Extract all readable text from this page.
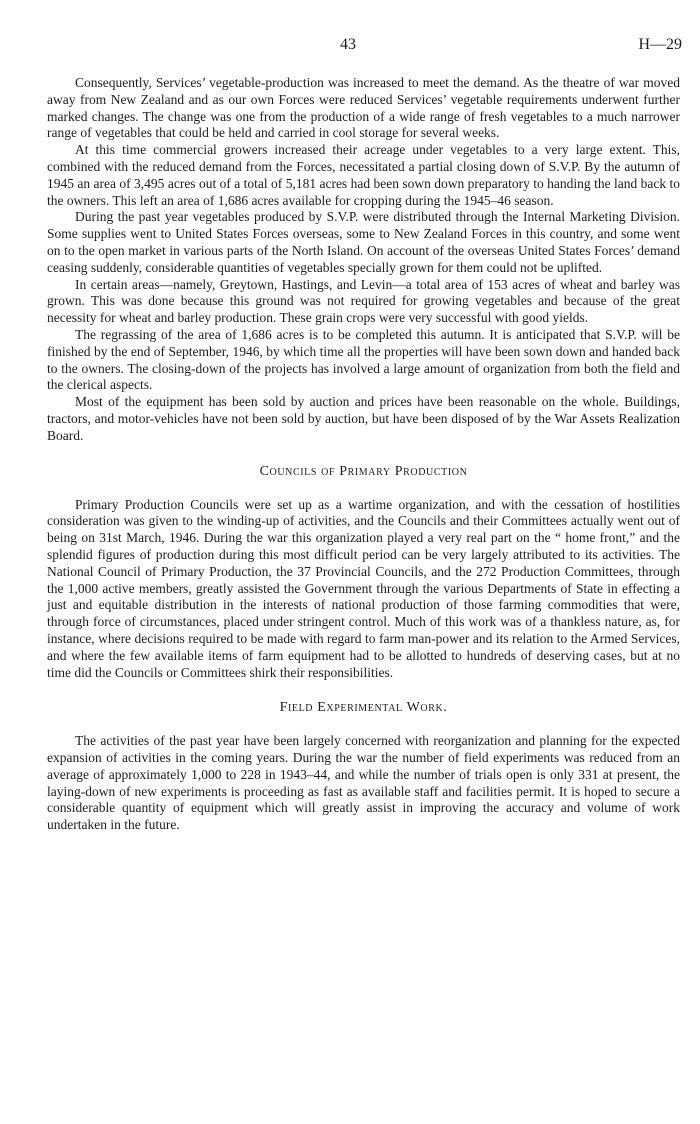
43	H—29

Consequently, Services’ vegetable-production was increased to meet the demand. As the theatre of war moved away from New Zealand and as our own Forces were reduced Services’ vegetable requirements underwent further marked changes. The change was one from the production of a wide range of fresh vegetables to a much narrower range of vegetables that could be held and carried in cool storage for several weeks.

At this time commercial growers increased their acreage under vegetables to a very large extent. This, combined with the reduced demand from the Forces, necessitated a partial closing down of S.V.P. By the autumn of 1945 an area of 3,495 acres out of a total of 5,181 acres had been sown down preparatory to handing the land back to the owners. This left an area of 1,686 acres available for cropping during the 1945–46 season.

During the past year vegetables produced by S.V.P. were distributed through the Internal Marketing Division. Some supplies went to United States Forces overseas, some to New Zealand Forces in this country, and some went on to the open market in various parts of the North Island. On account of the overseas United States Forces’ demand ceasing suddenly, considerable quantities of vegetables specially grown for them could not be uplifted.

In certain areas—namely, Greytown, Hastings, and Levin—a total area of 153 acres of wheat and barley was grown. This was done because this ground was not required for growing vegetables and because of the great necessity for wheat and barley production. These grain crops were very successful with good yields.

The regrassing of the area of 1,686 acres is to be completed this autumn. It is anticipated that S.V.P. will be finished by the end of September, 1946, by which time all the properties will have been sown down and handed back to the owners. The closing-down of the projects has involved a large amount of organization from both the field and the clerical aspects.

Most of the equipment has been sold by auction and prices have been reasonable on the whole. Buildings, tractors, and motor-vehicles have not been sold by auction, but have been disposed of by the War Assets Realization Board.

Councils of Primary Production

Primary Production Councils were set up as a wartime organization, and with the cessation of hostilities consideration was given to the winding-up of activities, and the Councils and their Committees actually went out of being on 31st March, 1946. During the war this organization played a very real part on the “ home front,” and the splendid figures of production during this most difficult period can be very largely attributed to its activities. The National Council of Primary Production, the 37 Provincial Councils, and the 272 Production Committees, through the 1,000 active members, greatly assisted the Government through the various Departments of State in effecting a just and equitable distribution in the interests of national production of those farming commodities that were, through force of circumstances, placed under stringent control. Much of this work was of a thankless nature, as, for instance, where decisions required to be made with regard to farm man-power and its relation to the Armed Services, and where the few available items of farm equipment had to be allotted to hundreds of deserving cases, but at no time did the Councils or Committees shirk their responsibilities.

Field Experimental Work.

The activities of the past year have been largely concerned with reorganization and planning for the expected expansion of activities in the coming years. During the war the number of field experiments was reduced from an average of approximately 1,000 to 228 in 1943–44, and while the number of trials open is only 331 at present, the laying-down of new experiments is proceeding as fast as available staff and facilities permit. It is hoped to secure a considerable quantity of equipment which will greatly assist in improving the accuracy and volume of work undertaken in the future.
